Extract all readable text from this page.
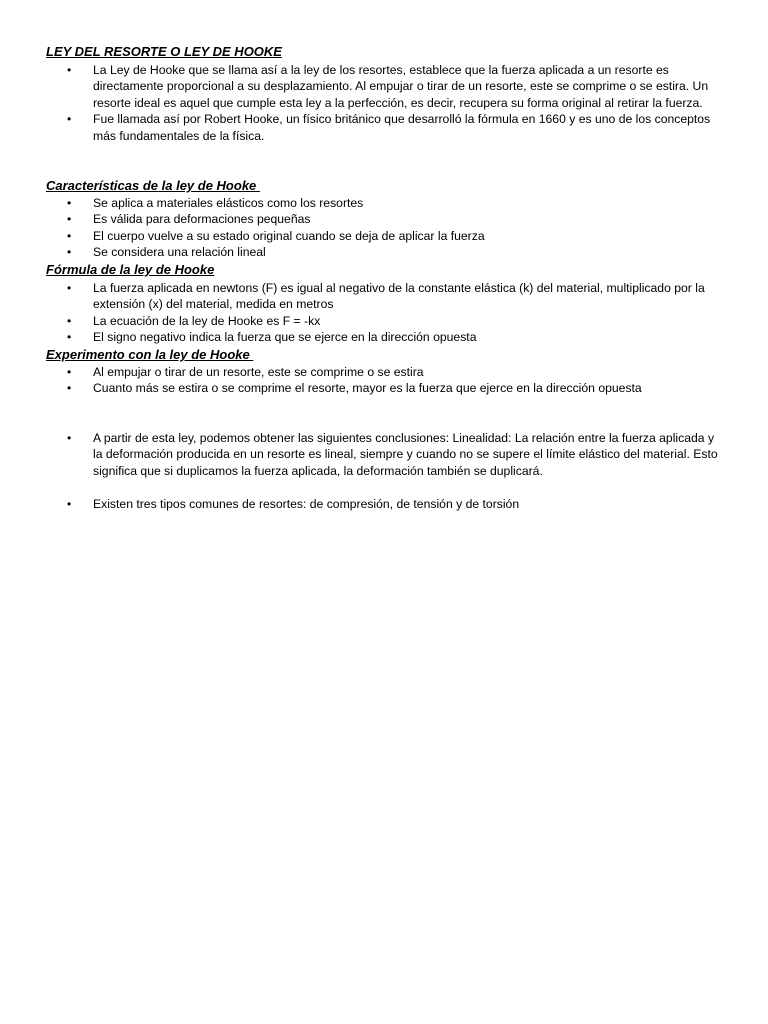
LEY DEL RESORTE O LEY DE HOOKE
•	La Ley de Hooke que se llama así a la ley de los resortes, establece que la fuerza aplicada a un resorte es directamente proporcional a su desplazamiento. Al empujar o tirar de un resorte, este se comprime o se estira. Un resorte ideal es aquel que cumple esta ley a la perfección, es decir, recupera su forma original al retirar la fuerza.
•	Fue llamada así por Robert Hooke, un físico británico que desarrolló la fórmula en 1660 y es uno de los conceptos más fundamentales de la física.
Características de la ley de Hooke
•	Se aplica a materiales elásticos como los resortes
•	Es válida para deformaciones pequeñas
•	El cuerpo vuelve a su estado original cuando se deja de aplicar la fuerza
•	Se considera una relación lineal
Fórmula de la ley de Hooke
•	La fuerza aplicada en newtons (F) es igual al negativo de la constante elástica (k) del material, multiplicado por la extensión (x) del material, medida en metros
•	La ecuación de la ley de Hooke es F = -kx
•	El signo negativo indica la fuerza que se ejerce en la dirección opuesta
Experimento con la ley de Hooke
•	Al empujar o tirar de un resorte, este se comprime o se estira
•	Cuanto más se estira o se comprime el resorte, mayor es la fuerza que ejerce en la dirección opuesta
•	A partir de esta ley, podemos obtener las siguientes conclusiones: Linealidad: La relación entre la fuerza aplicada y la deformación producida en un resorte es lineal, siempre y cuando no se supere el límite elástico del material. Esto significa que si duplicamos la fuerza aplicada, la deformación también se duplicará.
•	Existen tres tipos comunes de resortes: de compresión, de tensión y de torsión
